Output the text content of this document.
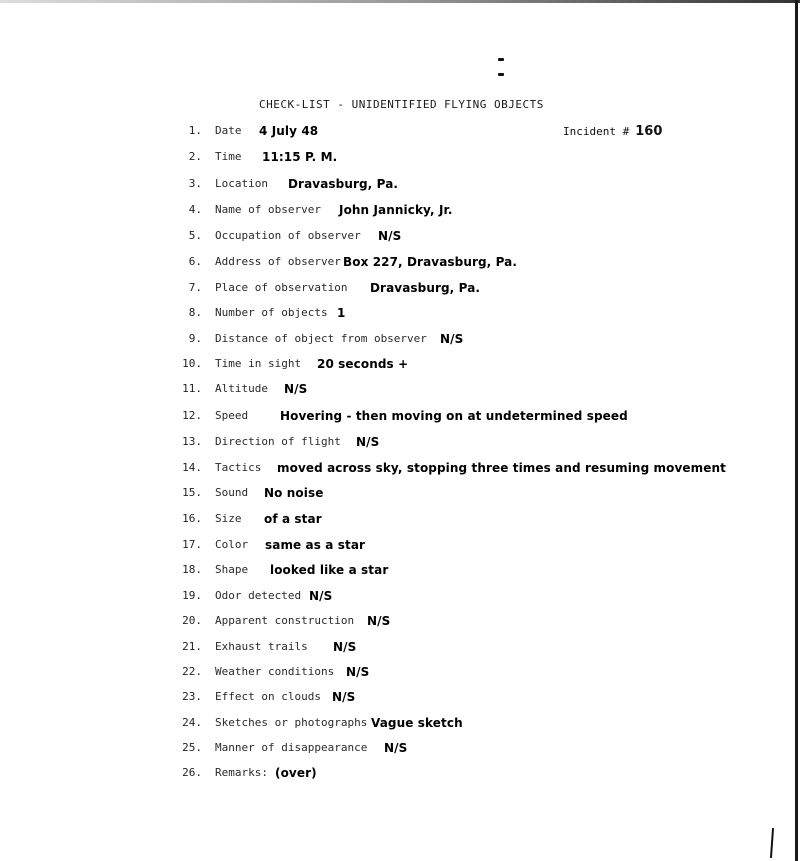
CHECK-LIST - UNIDENTIFIED FLYING OBJECTS
Incident # 160
1. Date 4 July 48
2. Time 11:15 P. M.
3. Location Dravasburg, Pa.
4. Name of observer John Jannicky, Jr.
5. Occupation of observer N/S
6. Address of observer Box 227, Dravasburg, Pa.
7. Place of observation Dravasburg, Pa.
8. Number of objects 1
9. Distance of object from observer N/S
10. Time in sight 20 seconds +
11. Altitude N/S
12. Speed	Hovering - then moving on at undetermined speed
13. Direction of flight N/S
14. Tactics moved across sky, stopping three times and resuming movement
15. Sound No noise
16. Size of a star
17. Color same as a star
18. Shape looked like a star
19. Odor detected N/S
20. Apparent construction N/S
21. Exhaust trails N/S
22. Weather conditions N/S
23. Effect on clouds N/S
24. Sketches or photographs Vague sketch
25. Manner of disappearance N/S
26. Remarks: (over)
